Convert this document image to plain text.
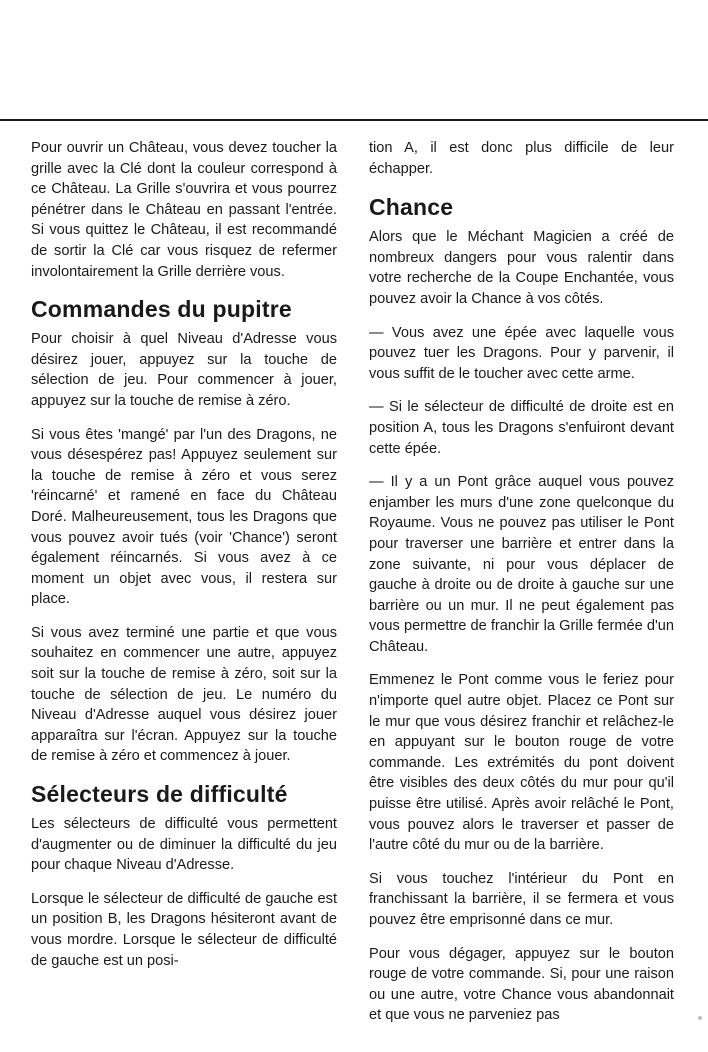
Pour ouvrir un Château, vous devez toucher la grille avec la Clé dont la couleur correspond à ce Château. La Grille s'ouvrira et vous pourrez pénétrer dans le Château en passant l'entrée. Si vous quittez le Château, il est recommandé de sortir la Clé car vous risquez de refermer involontairement la Grille derrière vous.

Commandes du pupitre

Pour choisir à quel Niveau d'Adresse vous désirez jouer, appuyez sur la touche de sélection de jeu. Pour commencer à jouer, appuyez sur la touche de remise à zéro.

Si vous êtes 'mangé' par l'un des Dragons, ne vous désespérez pas! Appuyez seulement sur la touche de remise à zéro et vous serez 'réincarné' et ramené en face du Château Doré. Malheureusement, tous les Dragons que vous pouvez avoir tués (voir 'Chance') seront également réincarnés. Si vous avez à ce moment un objet avec vous, il restera sur place.

Si vous avez terminé une partie et que vous souhaitez en commencer une autre, appuyez soit sur la touche de remise à zéro, soit sur la touche de sélection de jeu. Le numéro du Niveau d'Adresse auquel vous désirez jouer apparaîtra sur l'écran. Appuyez sur la touche de remise à zéro et commencez à jouer.

Sélecteurs de difficulté

Les sélecteurs de difficulté vous permettent d'augmenter ou de diminuer la difficulté du jeu pour chaque Niveau d'Adresse.

Lorsque le sélecteur de difficulté de gauche est un position B, les Dragons hésiteront avant de vous mordre. Lorsque le sélecteur de difficulté de gauche est un posi-

tion A, il est donc plus difficile de leur échapper.

Chance

Alors que le Méchant Magicien a créé de nombreux dangers pour vous ralentir dans votre recherche de la Coupe Enchantée, vous pouvez avoir la Chance à vos côtés.

— Vous avez une épée avec laquelle vous pouvez tuer les Dragons. Pour y parvenir, il vous suffit de le toucher avec cette arme.

— Si le sélecteur de difficulté de droite est en position A, tous les Dragons s'enfuiront devant cette épée.

— Il y a un Pont grâce auquel vous pouvez enjamber les murs d'une zone quelconque du Royaume. Vous ne pouvez pas utiliser le Pont pour traverser une barrière et entrer dans la zone suivante, ni pour vous déplacer de gauche à droite ou de droite à gauche sur une barrière ou un mur. Il ne peut également pas vous permettre de franchir la Grille fermée d'un Château.

Emmenez le Pont comme vous le feriez pour n'importe quel autre objet. Placez ce Pont sur le mur que vous désirez franchir et relâchez-le en appuyant sur le bouton rouge de votre commande. Les extrémités du pont doivent être visibles des deux côtés du mur pour qu'il puisse être utilisé. Après avoir relâché le Pont, vous pouvez alors le traverser et passer de l'autre côté du mur ou de la barrière.

Si vous touchez l'intérieur du Pont en franchissant la barrière, il se fermera et vous pouvez être emprisonné dans ce mur.

Pour vous dégager, appuyez sur le bouton rouge de votre commande. Si, pour une raison ou une autre, votre Chance vous abandonnait et que vous ne parveniez pas
